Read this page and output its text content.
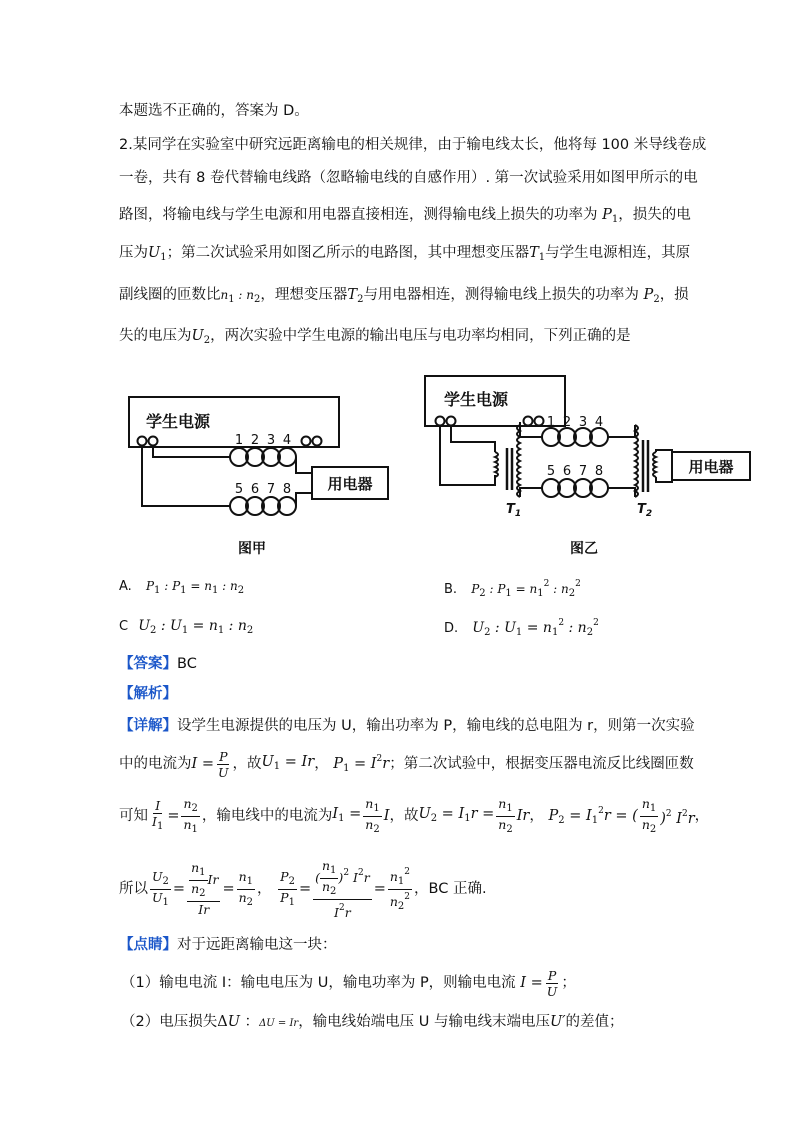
本题选不正确的，答案为 D。
2.某同学在实验室中研究远距离输电的相关规律，由于输电线太长，他将每 100 米导线卷成
一卷，共有 8 卷代替输电线路（忽略输电线的自感作用）. 第一次试验采用如图甲所示的电
路图，将输电线与学生电源和用电器直接相连，测得输电线上损失的功率为 $P_1$，损失的电
压为$U_1$；第二次试验采用如图乙所示的电路图，其中理想变压器$T_1$与学生电源相连，其原
副线圈的匝数比$n_1$ : $n_2$，理想变压器$T_2$与用电器相连，测得输电线上损失的功率为 $P_2$，损
失的电压为$U_2$，两次实验中学生电源的输出电压与电功率均相同，下列正确的是
学生电源
用电器
1 2 3 4
5 6 7 8
图甲
学生电源
用电器
1 2 3 4
5 6 7 8
$T_1$	$T_2$
图乙
A. $P_1$ : $P_1 = n_1$ : $n_2$	B. $P_2$ : $P_1 = n_1^2$ : $n_2^2$
C $U_2$ : $U_1 = n_1$ : $n_2$	D. $U_2$ : $U_1 = n_1^2$ : $n_2^2$
【答案】BC
【解析】
【详解】设学生电源提供的电压为 U，输出功率为 P，输电线的总电阻为 r，则第一次实验
中的电流为 $I = \frac{P}{U}$ ，故 $U_1 = Ir$ ， $P_1 = I^2r$ ；第二次试验中，根据变压器电流反比线圈匝数
可知 $\frac{I}{I_1} = \frac{n_2}{n_1}$ ，输电线中的电流为 $I_1 = \frac{n_1}{n_2}$ I ，故 $U_2 = I_1r = \frac{n_1}{n_2}$ Ir ， $P_2 = I_1^2r$ = ( $\frac{n_1}{n_2} )^2$ $I^2r$ ，
所以 $\frac{U_2}{U_1} = \frac{\frac{n_1}{n_2} Ir}{Ir} = \frac{n_1}{n_2}$ ， $\frac{P_2}{P_1} = \frac{( \frac{n_1}{n_2} )^2 I^2r}{I^2r} = \frac{n_1^2}{n_2^2}$ ，BC 正确.
【点睛】对于远距离输电这一块：
（1）输电电流 I：输电电压为 U，输电功率为 P，则输电电流 $I = \frac{P}{U}$ ；
（2）电压损失ΔU ：ΔU = Ir，输电线始端电压 U 与输电线末端电压U′的差值；
